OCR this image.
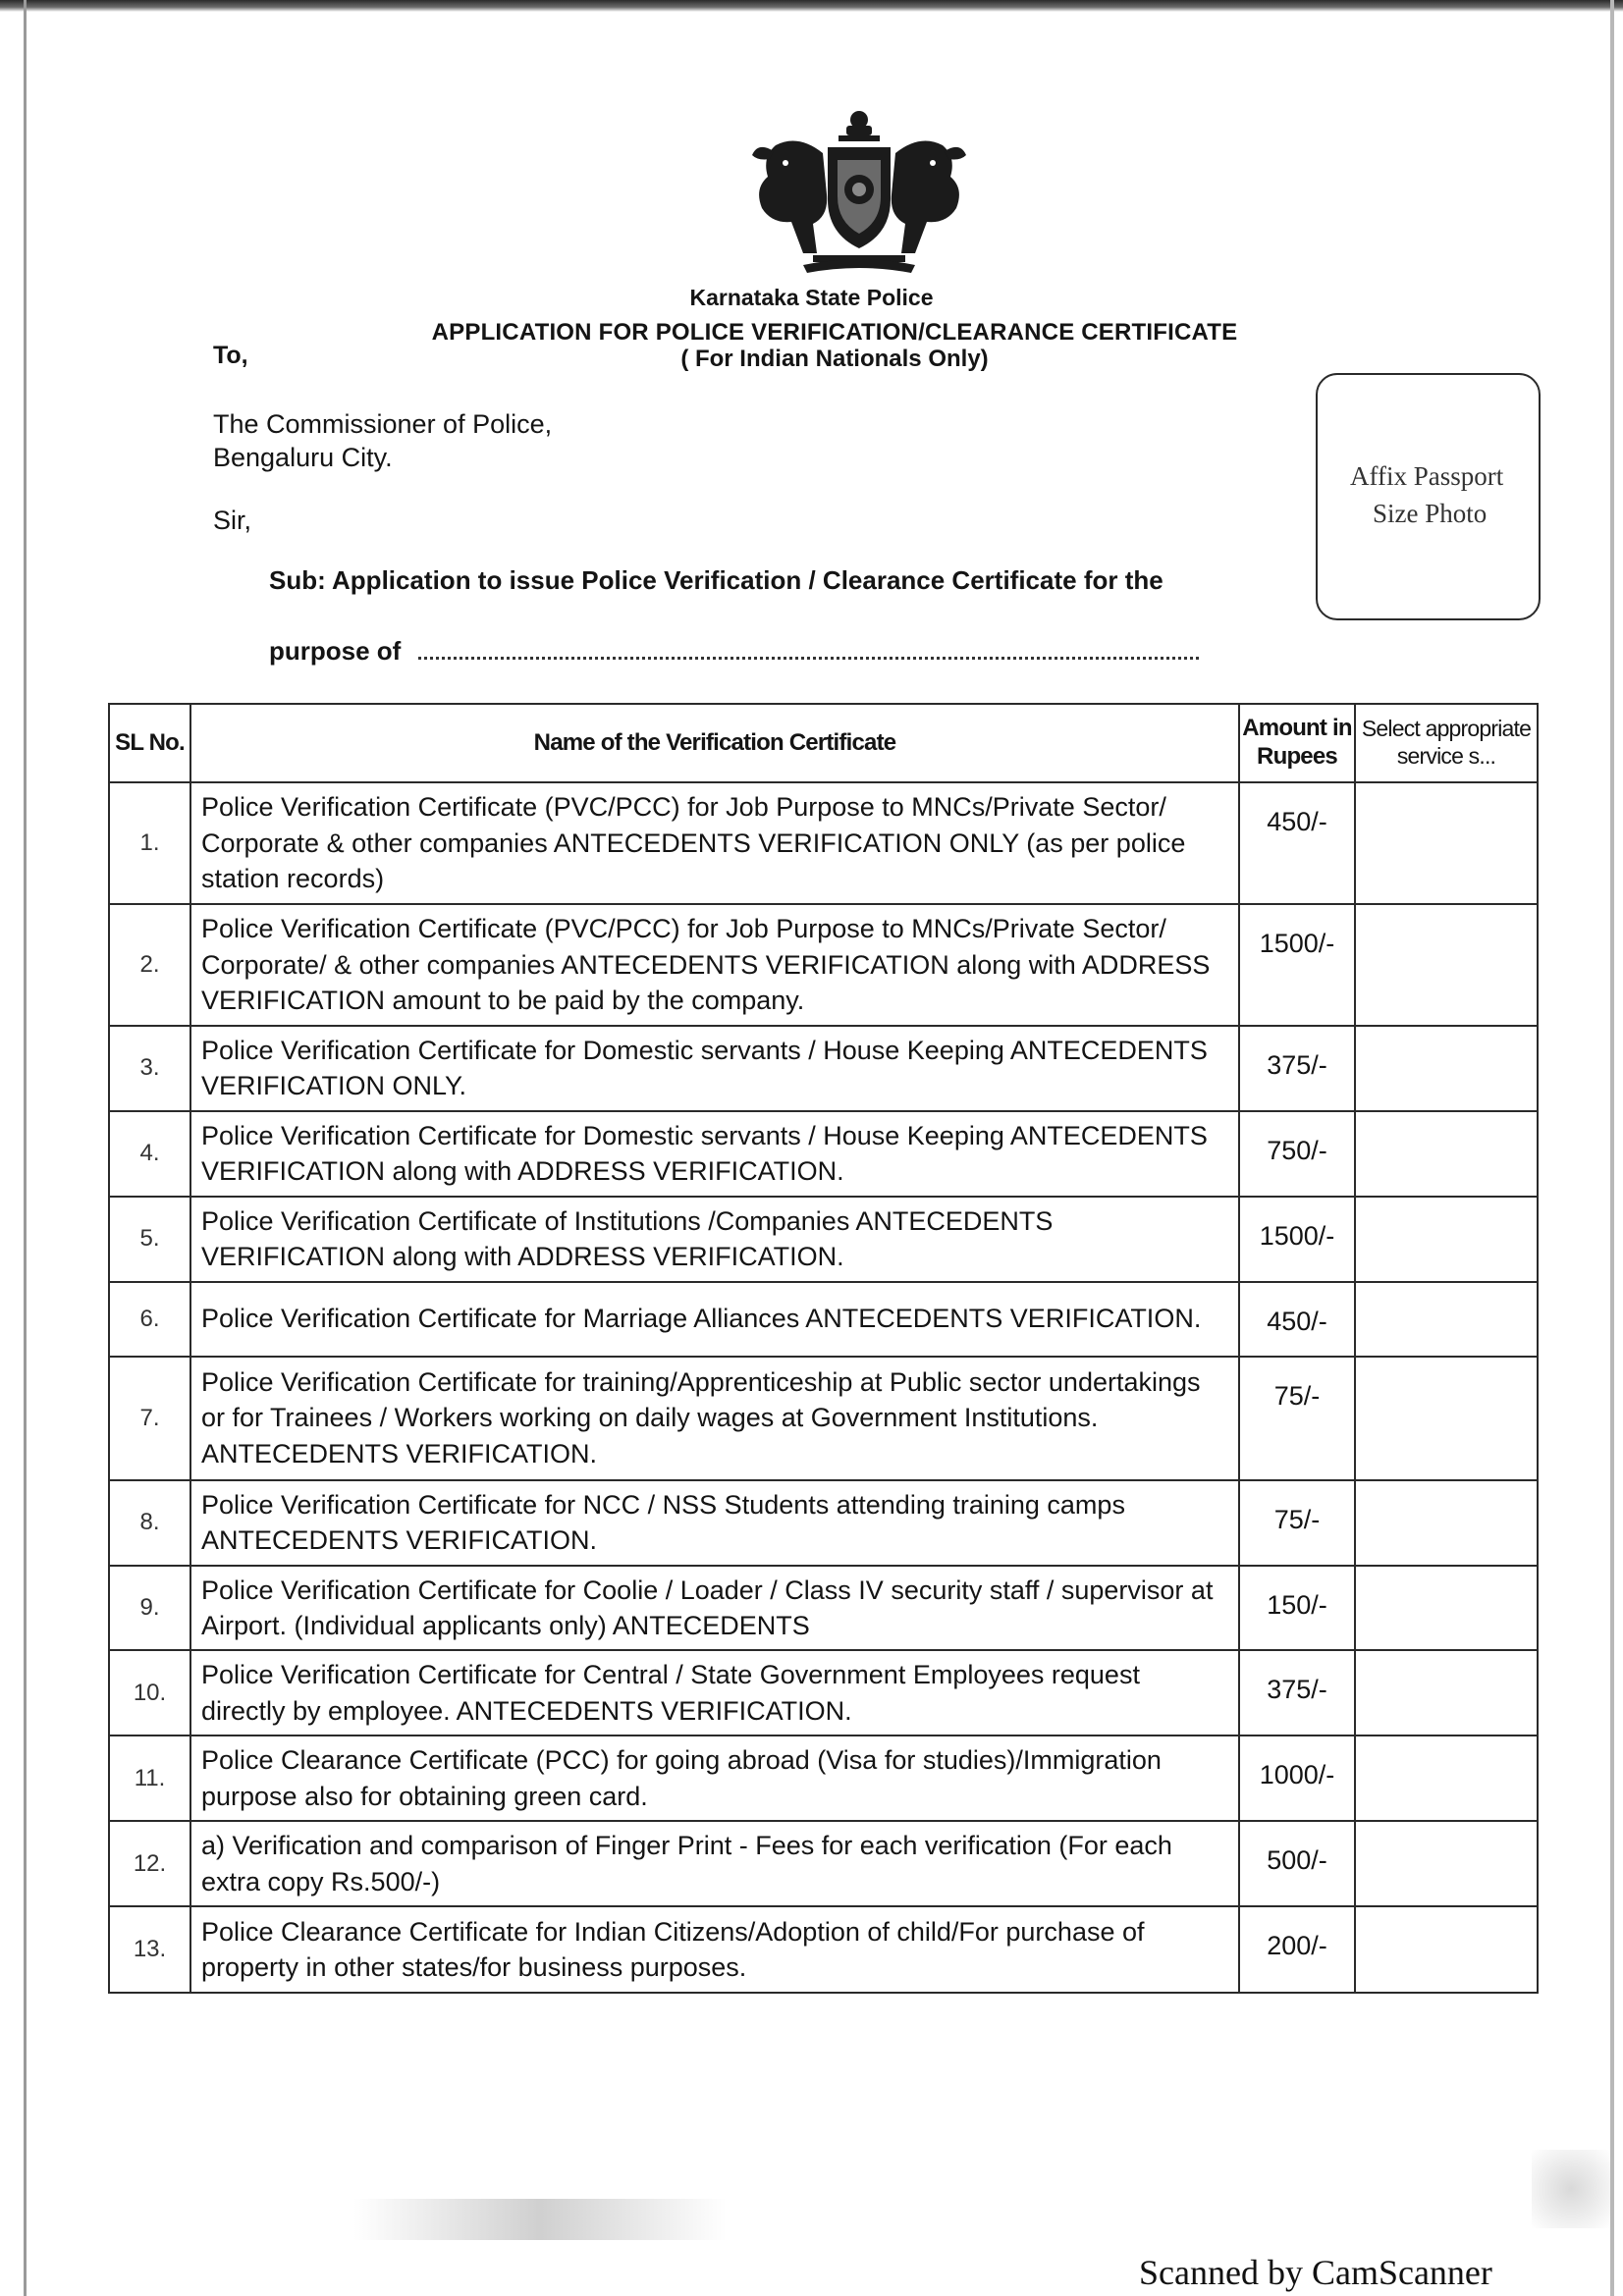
Karnataka State Police
APPLICATION FOR POLICE VERIFICATION/CLEARANCE CERTIFICATE
( For Indian Nationals Only)
To,
The Commissioner of Police,
Bengaluru City.
Sir,
Sub: Application to issue Police Verification / Clearance Certificate for the
purpose of
Affix Passport
Size Photo
SL No.	Name of the Verification Certificate	Amount in Rupees	Select appropriate service s...
1.	Police Verification Certificate (PVC/PCC) for Job Purpose to MNCs/Private Sector/ Corporate & other companies ANTECEDENTS VERIFICATION ONLY (as per police station records)	450/-	
2.	Police Verification Certificate (PVC/PCC) for Job Purpose to MNCs/Private Sector/ Corporate/ & other companies ANTECEDENTS VERIFICATION along with ADDRESS VERIFICATION amount to be paid by the company.	1500/-	
3.	Police Verification Certificate for Domestic servants / House Keeping ANTECEDENTS VERIFICATION ONLY.	375/-	
4.	Police Verification Certificate for Domestic servants / House Keeping ANTECEDENTS VERIFICATION along with ADDRESS VERIFICATION.	750/-	
5.	Police Verification Certificate of Institutions /Companies ANTECEDENTS VERIFICATION along with ADDRESS VERIFICATION.	1500/-	
6.	Police Verification Certificate for Marriage Alliances ANTECEDENTS VERIFICATION.	450/-	
7.	Police Verification Certificate for training/Apprenticeship at Public sector undertakings or for Trainees / Workers working on daily wages at Government Institutions. ANTECEDENTS VERIFICATION.	75/-	
8.	Police Verification Certificate for NCC / NSS Students attending training camps ANTECEDENTS VERIFICATION.	75/-	
9.	Police Verification Certificate for Coolie / Loader / Class IV security staff / supervisor at Airport. (Individual applicants only) ANTECEDENTS	150/-	
10.	Police Verification Certificate for Central / State Government Employees request directly by employee. ANTECEDENTS VERIFICATION.	375/-	
11.	Police Clearance Certificate (PCC) for going abroad (Visa for studies)/Immigration purpose also for obtaining green card.	1000/-	
12.	a) Verification and comparison of Finger Print - Fees for each verification (For each extra copy Rs.500/-)	500/-	
13.	Police Clearance Certificate for Indian Citizens/Adoption of child/For purchase of property in other states/for business purposes.	200/-	
Scanned by CamScanner
